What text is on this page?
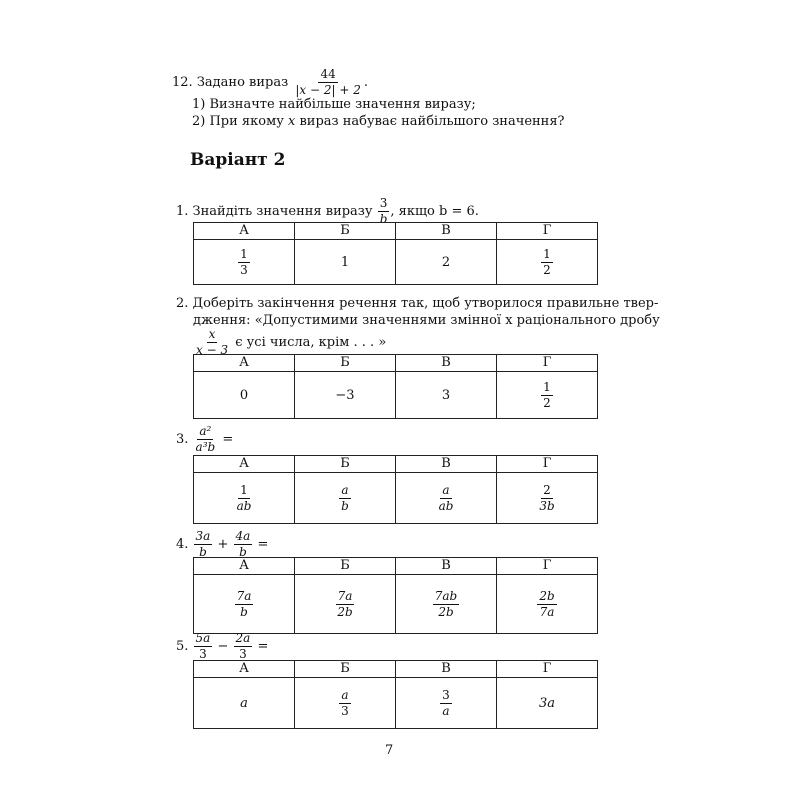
12. Задано вираз $\frac{44}{|x - 2| + 2}$ .
1) Визначте найбільше значення виразу;
2) При якому x вираз набуває найбільшого значення?
Варіант 2
1. Знайдіть значення виразу $\frac{3}{b}$ , якщо b = 6.
А	Б	В	Г

$\frac{1}{3}$	1	2	$\frac{1}{2}$
2. Доберіть закінчення речення так, щоб утворилося правильне твер-
дження: «Допустимими значеннями змінної x раціонального дробу
$\frac{x}{x - 3}$ є усі числа, крім . . . »
А	Б	В	Г
0	−3	3	$\frac{1}{2}$
3. $\frac{\text{a²}}{\text{a³b}}$ =
А	Б	В	Г

$\frac{1}{ab}$	$\frac{a}{b}$	$\frac{a}{ab}$	$\frac{2}{3b}$
4. $\frac{3a}{b} + \frac{4a}{b}$ =
А	Б	В	Г

$\frac{7a}{b}$	$\frac{7a}{2b}$	$\frac{7ab}{2b}$	$\frac{2b}{7a}$
5. $\frac{5a}{3} - \frac{2a}{3}$ =
А	Б	В	Г
a	$\frac{a}{3}$	$\frac{3}{a}$	3a
7
